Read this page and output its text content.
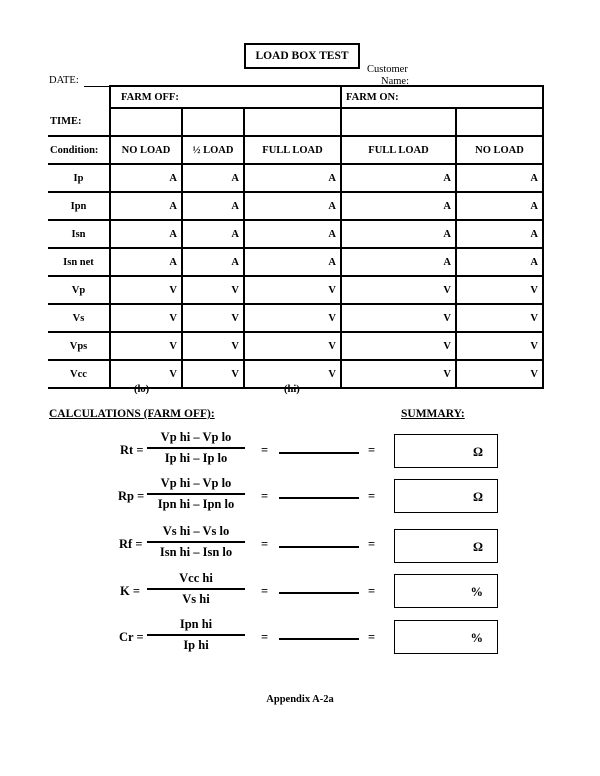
LOAD BOX TEST
DATE:
Customer
Name:
	FARM OFF:			FARM ON:	
TIME:					
Condition:	NO LOAD	½ LOAD	FULL LOAD	FULL LOAD	NO LOAD
Ip	A	A	A	A	A
Ipn	A	A	A	A	A
Isn	A	A	A	A	A
Isn net	A	A	A	A	A
Vp	V	V	V	V	V
Vs	V	V	V	V	V
Vps	V	V	V	V	V
Vcc	V	V	V	V	V
(lo)	(hi)
CALCULATIONS (FARM OFF):	SUMMARY:
Rt =
Vp hi – Vp lo
Ip hi – Ip lo
=	=	Ω
Rp =
Vp hi – Vp lo
Ipn hi – Ipn lo
=	=	Ω
Rf =
Vs hi – Vs lo
Isn hi – Isn lo
=	=	Ω
K =
Vcc hi
Vs hi
=	=	%
Cr =
Ipn hi
Ip hi
=	=	%
Appendix A-2a
